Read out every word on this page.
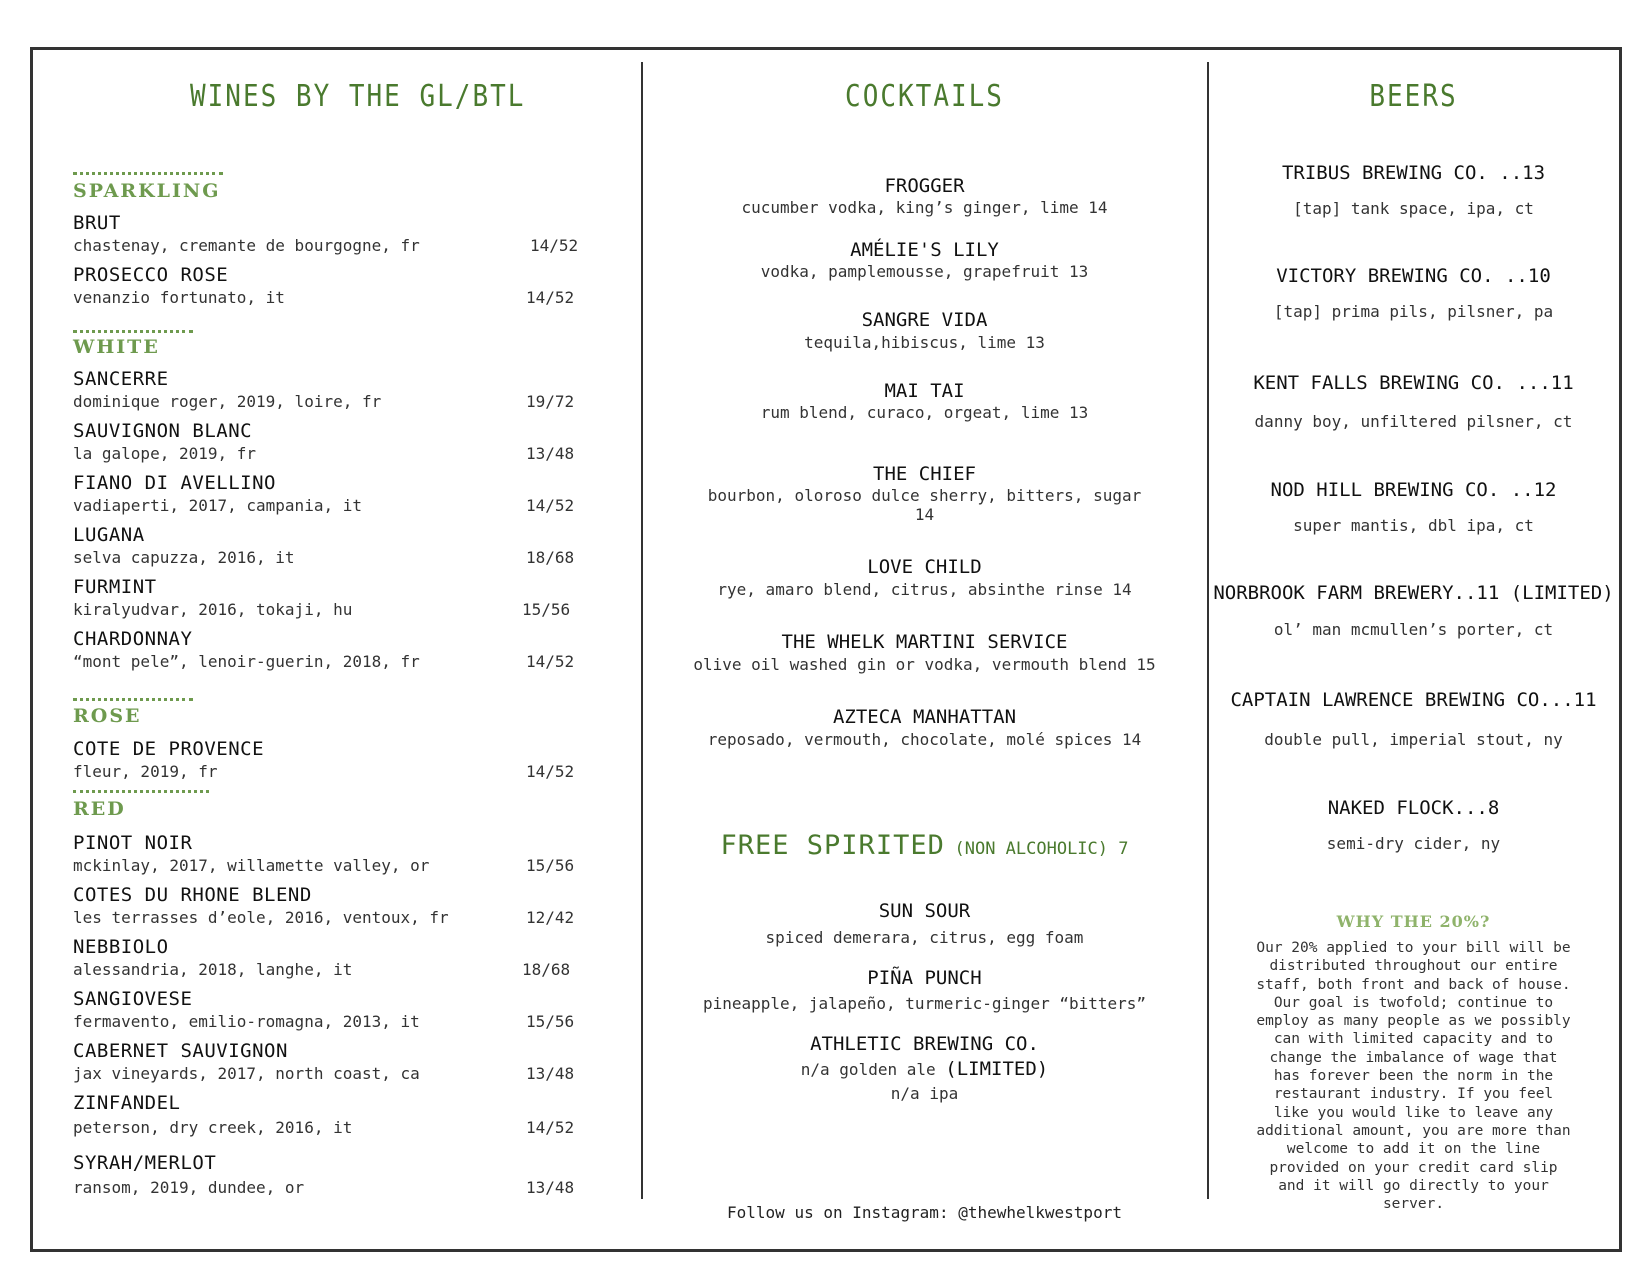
WINES BY THE GL/BTL
SPARKLING
BRUT
chastenay, cremante de bourgogne, fr	14/52
PROSECCO ROSE
venanzio fortunato, it	14/52
WHITE
SANCERRE
dominique roger, 2019, loire, fr	19/72
SAUVIGNON BLANC
la galope, 2019, fr	13/48
FIANO DI AVELLINO
vadiaperti, 2017, campania, it	14/52
LUGANA
selva capuzza, 2016, it	18/68
FURMINT
kiralyudvar, 2016, tokaji, hu	15/56
CHARDONNAY
“mont pele”, lenoir-guerin, 2018, fr	14/52
ROSE
COTE DE PROVENCE
fleur, 2019, fr	14/52
RED
PINOT NOIR
mckinlay, 2017, willamette valley, or	15/56
COTES DU RHONE BLEND
les terrasses d’eole, 2016, ventoux, fr	12/42
NEBBIOLO
alessandria, 2018, langhe, it	18/68
SANGIOVESE
fermavento, emilio-romagna, 2013, it	15/56
CABERNET SAUVIGNON
jax vineyards, 2017, north coast, ca	13/48
ZINFANDEL
peterson, dry creek, 2016, it	14/52
SYRAH/MERLOT
ransom, 2019, dundee, or	13/48
COCKTAILS
FROGGER
cucumber vodka, king’s ginger, lime 14
AMÉLIE'S LILY
vodka, pamplemousse, grapefruit 13
SANGRE VIDA
tequila,hibiscus, lime 13
MAI TAI
rum blend, curaco, orgeat, lime 13
THE CHIEF
bourbon, oloroso dulce sherry, bitters, sugar
14
LOVE CHILD
rye, amaro blend, citrus, absinthe rinse 14
THE WHELK MARTINI SERVICE
olive oil washed gin or vodka, vermouth blend 15
AZTECA MANHATTAN
reposado, vermouth, chocolate, molé spices 14
FREE SPIRITED (NON ALCOHOLIC) 7
SUN SOUR
spiced demerara, citrus, egg foam
PIÑA PUNCH
pineapple, jalapeño, turmeric-ginger “bitters”
ATHLETIC BREWING CO.
n/a golden ale (LIMITED)
n/a ipa
Follow us on Instagram: @thewhelkwestport
BEERS
TRIBUS BREWING CO. ..13
[tap] tank space, ipa, ct
VICTORY BREWING CO. ..10
[tap] prima pils, pilsner, pa
KENT FALLS BREWING CO. ...11
danny boy, unfiltered pilsner, ct
NOD HILL BREWING CO. ..12
super mantis, dbl ipa, ct
NORBROOK FARM BREWERY..11 (LIMITED)
ol’ man mcmullen’s porter, ct
CAPTAIN LAWRENCE BREWING CO...11
double pull, imperial stout, ny
NAKED FLOCK...8
semi-dry cider, ny
WHY THE 20%?
Our 20% applied to your bill will be
distributed throughout our entire
staff, both front and back of house.
Our goal is twofold; continue to
employ as many people as we possibly
can with limited capacity and to
change the imbalance of wage that
has forever been the norm in the
restaurant industry. If you feel
like you would like to leave any
additional amount, you are more than
welcome to add it on the line
provided on your credit card slip
and it will go directly to your
server.
